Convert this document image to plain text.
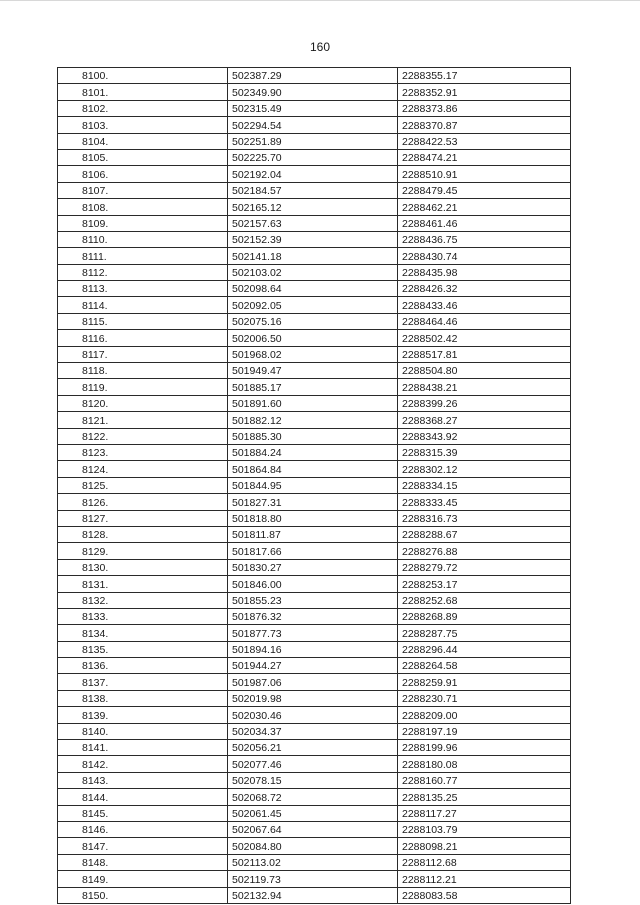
160
8100.	502387.29	2288355.17
8101.	502349.90	2288352.91
8102.	502315.49	2288373.86
8103.	502294.54	2288370.87
8104.	502251.89	2288422.53
8105.	502225.70	2288474.21
8106.	502192.04	2288510.91
8107.	502184.57	2288479.45
8108.	502165.12	2288462.21
8109.	502157.63	2288461.46
8110.	502152.39	2288436.75
8111.	502141.18	2288430.74
8112.	502103.02	2288435.98
8113.	502098.64	2288426.32
8114.	502092.05	2288433.46
8115.	502075.16	2288464.46
8116.	502006.50	2288502.42
8117.	501968.02	2288517.81
8118.	501949.47	2288504.80
8119.	501885.17	2288438.21
8120.	501891.60	2288399.26
8121.	501882.12	2288368.27
8122.	501885.30	2288343.92
8123.	501884.24	2288315.39
8124.	501864.84	2288302.12
8125.	501844.95	2288334.15
8126.	501827.31	2288333.45
8127.	501818.80	2288316.73
8128.	501811.87	2288288.67
8129.	501817.66	2288276.88
8130.	501830.27	2288279.72
8131.	501846.00	2288253.17
8132.	501855.23	2288252.68
8133.	501876.32	2288268.89
8134.	501877.73	2288287.75
8135.	501894.16	2288296.44
8136.	501944.27	2288264.58
8137.	501987.06	2288259.91
8138.	502019.98	2288230.71
8139.	502030.46	2288209.00
8140.	502034.37	2288197.19
8141.	502056.21	2288199.96
8142.	502077.46	2288180.08
8143.	502078.15	2288160.77
8144.	502068.72	2288135.25
8145.	502061.45	2288117.27
8146.	502067.64	2288103.79
8147.	502084.80	2288098.21
8148.	502113.02	2288112.68
8149.	502119.73	2288112.21
8150.	502132.94	2288083.58
